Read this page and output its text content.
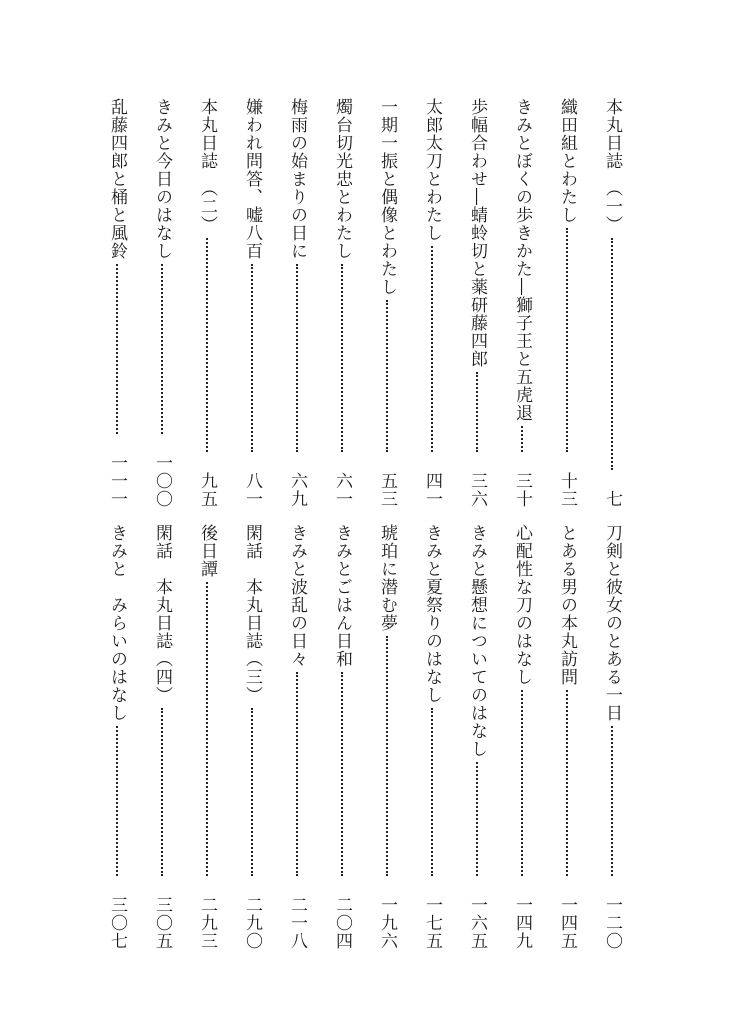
本丸日誌　（一）
七
織田組とわたし
十三
きみとぼくの歩きかた―獅子王と五虎退
三十
歩幅合わせ―蜻蛉切と薬研藤四郎
三六
太郎太刀とわたし
四一
一期一振と偶像とわたし
五三
燭台切光忠とわたし
六一
梅雨の始まりの日に
六九
嫌われ問答、嘘八百
八一
本丸日誌　（二）
九五
きみと今日のはなし
一〇〇
乱藤四郎と桶と風鈴
一一一
刀剣と彼女のとある一日
一二〇
とある男の本丸訪問
一四五
心配性な刀のはなし
一四九
きみと懸想についてのはなし
一六五
きみと夏祭りのはなし
一七五
琥珀に潜む夢
一九六
きみとごはん日和
二〇四
きみと波乱の日々
二一八
閑話　本丸日誌（三）
二九〇
後日譚
二九三
閑話　本丸日誌（四）
三〇五
きみと　みらいのはなし
三〇七
